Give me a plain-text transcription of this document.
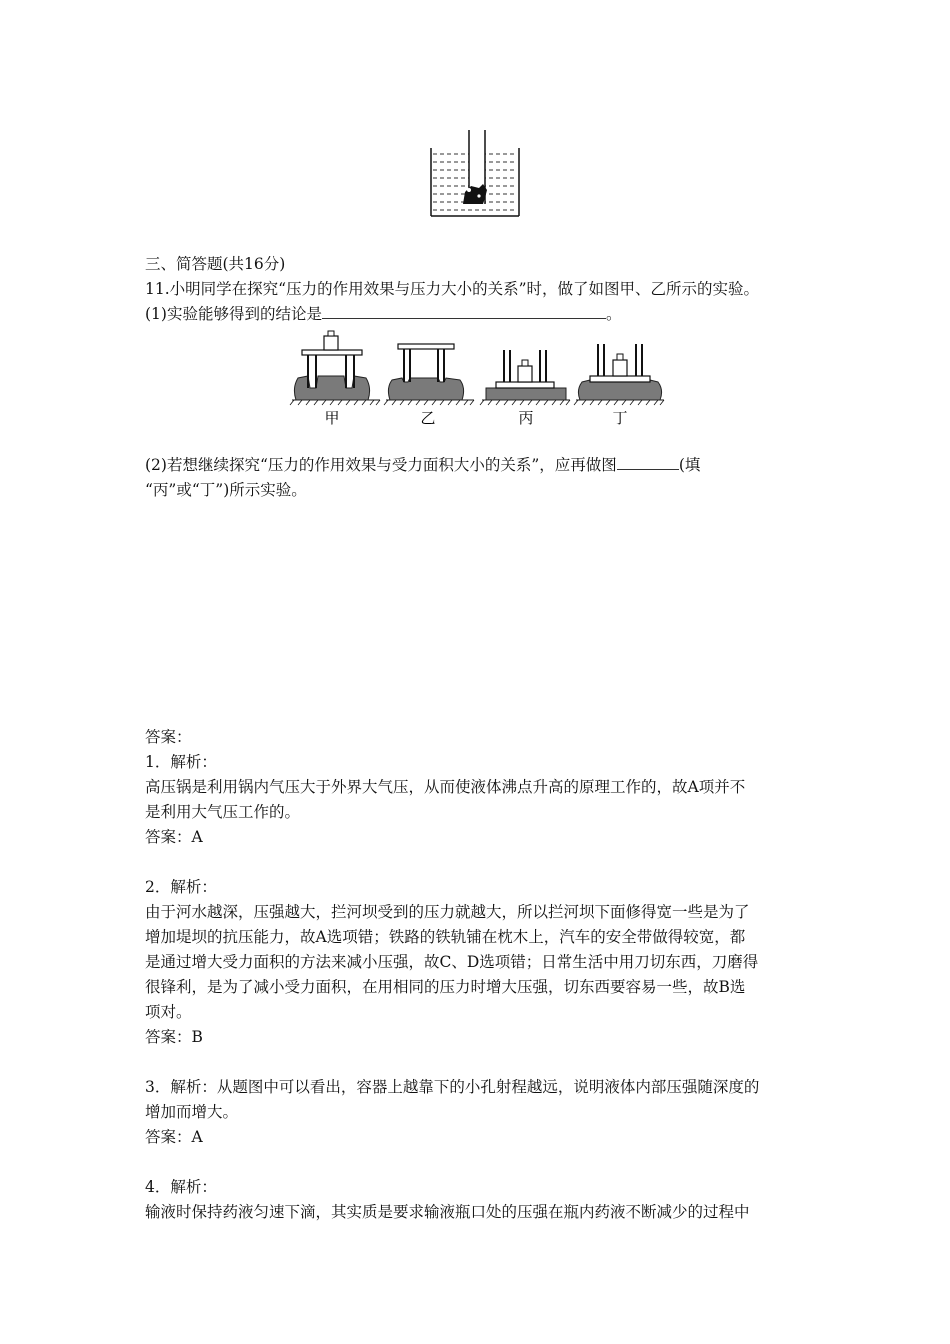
三、简答题(共16分)
11.小明同学在探究“压力的作用效果与压力大小的关系”时，做了如图甲、乙所示的实验。
(1)实验能够得到的结论是	。
甲	乙	丙	丁
(2)若想继续探究“压力的作用效果与受力面积大小的关系”，应再做图	(填
“丙”或“丁”)所示实验。
答案：
1．解析：
高压锅是利用锅内气压大于外界大气压，从而使液体沸点升高的原理工作的，故A项并不
是利用大气压工作的。
答案：A
2．解析：
由于河水越深，压强越大，拦河坝受到的压力就越大，所以拦河坝下面修得宽一些是为了
增加堤坝的抗压能力，故A选项错；铁路的铁轨铺在枕木上，汽车的安全带做得较宽，都
是通过增大受力面积的方法来减小压强，故C、D选项错；日常生活中用刀切东西，刀磨得
很锋利，是为了减小受力面积，在用相同的压力时增大压强，切东西要容易一些，故B选
项对。
答案：B
3．解析：从题图中可以看出，容器上越靠下的小孔射程越远，说明液体内部压强随深度的
增加而增大。
答案：A
4．解析：
输液时保持药液匀速下滴，其实质是要求输液瓶口处的压强在瓶内药液不断减少的过程中
